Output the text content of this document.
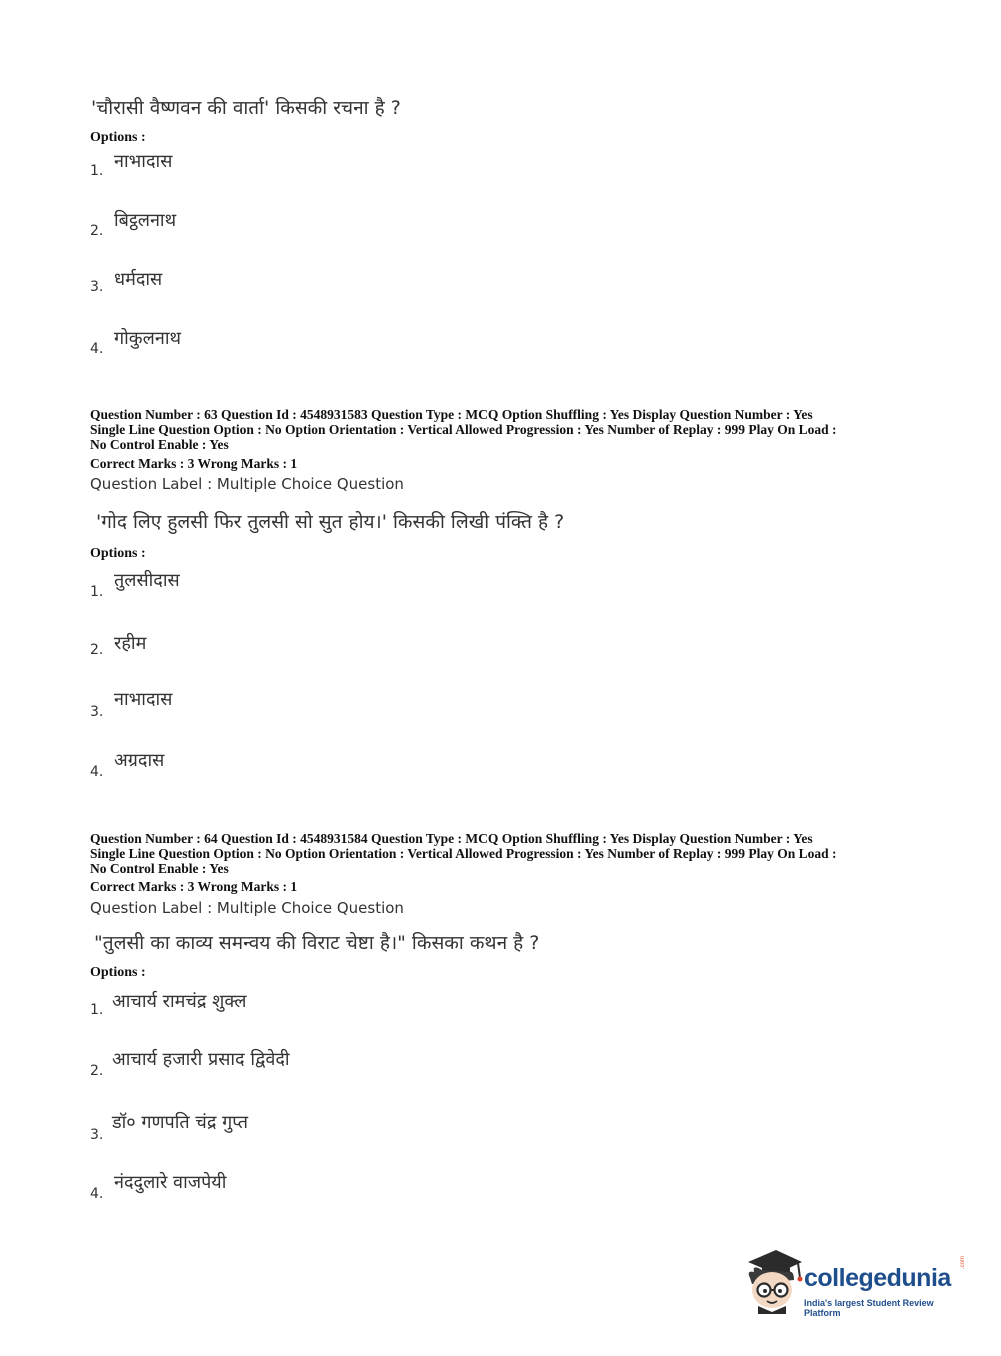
'चौरासी वैष्णवन की वार्ता' किसकी रचना है ?
Options :
1. नाभादास
2. बिट्ठलनाथ
3. धर्मदास
4. गोकुलनाथ
Question Number : 63 Question Id : 4548931583 Question Type : MCQ Option Shuffling : Yes Display Question Number : Yes
Single Line Question Option : No Option Orientation : Vertical Allowed Progression : Yes Number of Replay : 999 Play On Load :
No Control Enable : Yes
Correct Marks : 3 Wrong Marks : 1
Question Label : Multiple Choice Question
'गोद लिए हुलसी फिर तुलसी सो सुत होय।' किसकी लिखी पंक्ति है ?
Options :
1.
तुलसीदास
2. रहीम
3.
नाभादास
4.
अग्रदास
Question Number : 64 Question Id : 4548931584 Question Type : MCQ Option Shuffling : Yes Display Question Number : Yes
Single Line Question Option : No Option Orientation : Vertical Allowed Progression : Yes Number of Replay : 999 Play On Load :
No Control Enable : Yes
Correct Marks : 3 Wrong Marks : 1
Question Label : Multiple Choice Question
"तुलसी का काव्य समन्वय की विराट चेष्टा है।" किसका कथन है ?
Options :
1. आचार्य रामचंद्र शुक्ल
2.
आचार्य हजारी प्रसाद द्विवेदी
3.
डॉ० गणपति चंद्र गुप्त
4.
नंददुलारे वाजपेयी
collegedunia
.com
India's largest Student Review Platform
